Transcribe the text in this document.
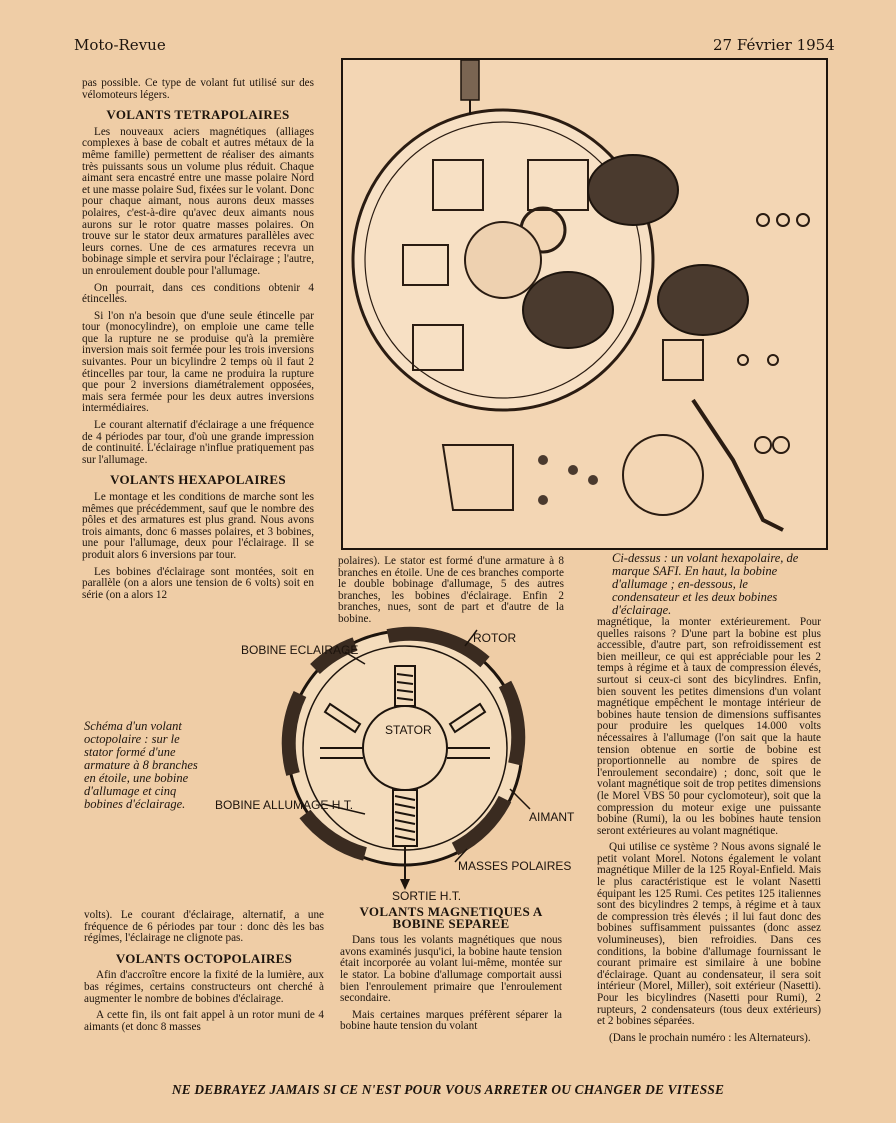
Moto-Revue	27 Février 1954

pas possible. Ce type de volant fut utilisé sur des vélomoteurs légers.

VOLANTS TETRAPOLAIRES

Les nouveaux aciers magnétiques (alliages complexes à base de cobalt et autres métaux de la même famille) permettent de réaliser des aimants très puissants sous un volume plus réduit. Chaque aimant sera encastré entre une masse polaire Nord et une masse polaire Sud, fixées sur le volant. Donc pour chaque aimant, nous aurons deux masses polaires, c'est-à-dire qu'avec deux aimants nous aurons sur le rotor quatre masses polaires. On trouve sur le stator deux armatures parallèles avec leurs cornes. Une de ces armatures recevra un bobinage simple et servira pour l'éclairage ; l'autre, un enroulement double pour l'allumage.

On pourrait, dans ces conditions obtenir 4 étincelles.

Si l'on n'a besoin que d'une seule étincelle par tour (monocylindre), on emploie une came telle que la rupture ne se produise qu'à la première inversion mais soit fermée pour les trois inversions suivantes. Pour un bicylindre 2 temps où il faut 2 étincelles par tour, la came ne produira la rupture que pour 2 inversions diamétralement opposées, mais sera fermée pour les deux autres inversions intermédiaires.

Le courant alternatif d'éclairage a une fréquence de 4 périodes par tour, d'où une grande impression de continuité. L'éclairage n'influe pratiquement pas sur l'allumage.

VOLANTS HEXAPOLAIRES

Le montage et les conditions de marche sont les mêmes que précédemment, sauf que le nombre des pôles et des armatures est plus grand. Nous avons trois aimants, donc 6 masses polaires, et 3 bobines, une pour l'allumage, deux pour l'éclairage. Il se produit alors 6 inversions par tour.

Les bobines d'éclairage sont montées, soit en parallèle (on a alors une tension de 6 volts) soit en série (on a alors 12

polaires). Le stator est formé d'une armature à 8 branches en étoile. Une de ces branches comporte le double bobinage d'allumage, 5 des autres branches, les bobines d'éclairage. Enfin 2 branches, nues, sont de part et d'autre de la bobine.

Ci-dessus : un volant hexapolaire, de marque SAFI. En haut, la bobine d'allumage ; en-dessous, le condensateur et les deux bobines d'éclairage.
Schéma d'un volant octopolaire : sur le stator formé d'une armature à 8 branches en étoile, une bobine d'allumage et cinq bobines d'éclairage.
ROTOR
BOBINE ECLAIRAGE
STATOR
BOBINE ALLUMAGE H.T.
AIMANT
MASSES POLAIRES
SORTIE H.T.

volts). Le courant d'éclairage, alternatif, a une fréquence de 6 périodes par tour : donc dès les bas régimes, l'éclairage ne clignote pas.

VOLANTS OCTOPOLAIRES

Afin d'accroître encore la fixité de la lumière, aux bas régimes, certains constructeurs ont cherché à augmenter le nombre de bobines d'éclairage.

A cette fin, ils ont fait appel à un rotor muni de 4 aimants (et donc 8 masses

VOLANTS MAGNETIQUES A BOBINE SEPAREE

Dans tous les volants magnétiques que nous avons examinés jusqu'ici, la bobine haute tension était incorporée au volant lui-même, montée sur le stator. La bobine d'allumage comportait aussi bien l'enroulement primaire que l'enroulement secondaire.

Mais certaines marques préfèrent séparer la bobine haute tension du volant

magnétique, la monter extérieurement. Pour quelles raisons ? D'une part la bobine est plus accessible, d'autre part, son refroidissement est bien meilleur, ce qui est appréciable pour les 2 temps à régime et à taux de compression élevés, surtout si ceux-ci sont des bicylindres. Enfin, bien souvent les petites dimensions d'un volant magnétique empêchent le montage intérieur de bobines haute tension de dimensions suffisantes pour produire les quelques 14.000 volts nécessaires à l'allumage (l'on sait que la haute tension obtenue en sortie de bobine est proportionnelle au nombre de spires de l'enroulement secondaire) ; donc, soit que le volant magnétique soit de trop petites dimensions (le Morel VBS 50 pour cyclomoteur), soit que la compression du moteur exige une puissante bobine (Rumi), la ou les bobines haute tension seront extérieures au volant magnétique.

Qui utilise ce système ? Nous avons signalé le petit volant Morel. Notons également le volant magnétique Miller de la 125 Royal-Enfield. Mais le plus caractéristique est le volant Nasetti équipant les 125 Rumi. Ces petites 125 italiennes sont des bicylindres 2 temps, à régime et à taux de compression très élevés ; il lui faut donc des bobines suffisamment puissantes (donc assez volumineuses), bien refroidies. Dans ces conditions, la bobine d'allumage fournissant le courant primaire est similaire à une bobine d'éclairage. Quant au condensateur, il sera soit intérieur (Morel, Miller), soit extérieur (Nasetti). Pour les bicylindres (Nasetti pour Rumi), 2 rupteurs, 2 condensateurs (tous deux extérieurs) et 2 bobines séparées.

(Dans le prochain numéro : les Alternateurs).

NE DEBRAYEZ JAMAIS SI CE N'EST POUR VOUS ARRETER OU CHANGER DE VITESSE
